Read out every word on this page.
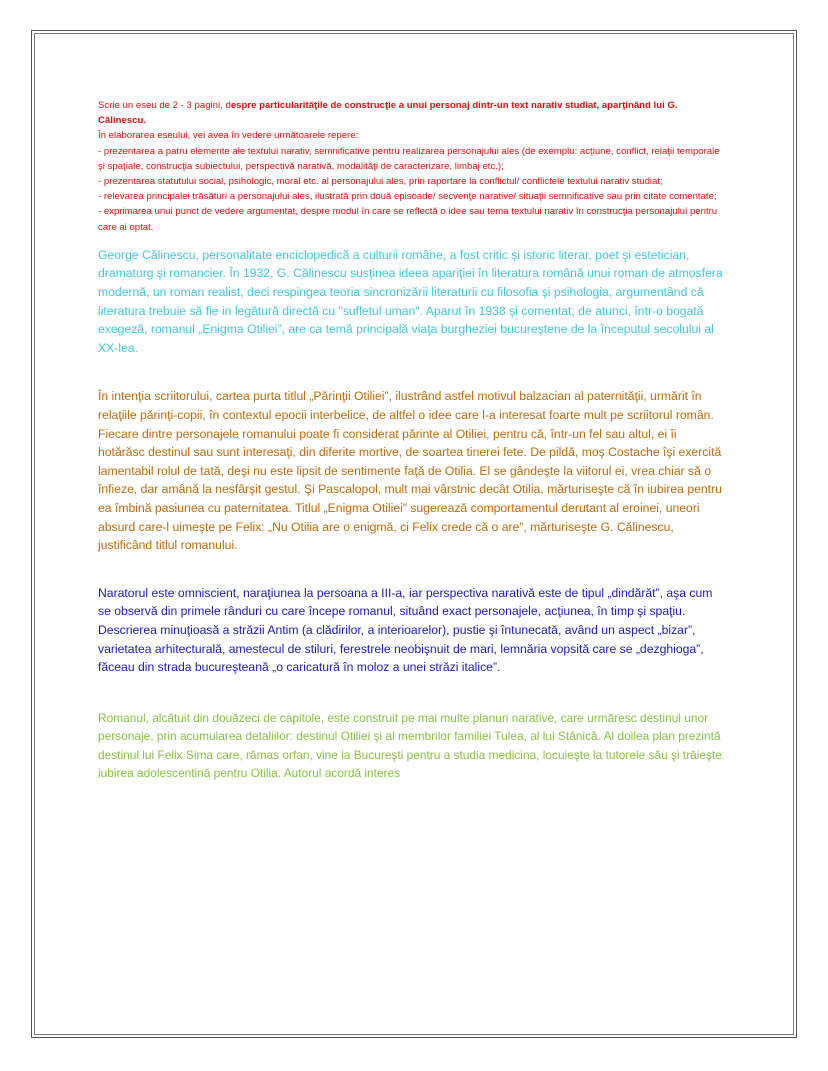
Scrie un eseu de 2 - 3 pagini, despre particularităţile de construcţie a unui personaj dintr-un text narativ studiat, aparţinând lui G. Călinescu.

În elaborarea eseului, vei avea în vedere următoarele repere:

- prezentarea a patru elemente ale textului narativ, semnificative pentru realizarea personajului ales (de exemplu: acţiune, conflict, relaţii temporale şi spaţiale, construcţia subiectului, perspectivă narativă, modalităţi de caracterizare, limbaj etc.);

- prezentarea statutului social, psihologic, moral etc. al personajului ales, prin raportare la conflictul/ conflictele textului narativ studiat;

- relevarea principalei trăsături a personajului ales, ilustrată prin două episoade/ secvenţe narative/ situaţii semnificative sau prin citate comentate;

- exprimarea unui punct de vedere argumentat, despre modul în care se reflectă o idee sau tema textului narativ în construcţia personajului pentru care ai optat.

George Călinescu, personalitate enciclopedică a culturii române, a fost critic şi istoric literar, poet şi estetician, dramaturg şi romancier. În 1932, G. Călinescu susţinea ideea apariţiei în literatura română unui roman de atmosfera modernă, un roman realist, deci respingea teoria sincronizării literaturii cu filosofia şi psihologia, argumentând că literatura trebuie să fie in legătură directă cu "sufletul uman". Aparut în 1938 şi comentat, de atunci, într-o bogată exegeză, romanul „Enigma Otiliei”, are ca temă principală viaţa burgheziei bucureştene de la începutul secolului al XX-lea.

În intenţia scriitorului, cartea purta titlul „Părinţii Otiliei”, ilustrând astfel motivul balzacian al paternităţii, urmărit în relaţiile părinţi-copii, în contextul epocii interbelice, de altfel o idee care l-a interesat foarte mult pe scriitorul român. Fiecare dintre personajele romanului poate fi considerat părinte al Otiliei, pentru că, într-un fel sau altul, ei îi hotărăsc destinul sau sunt interesaţi, din diferite mortive, de soartea tinerei fete. De pildă, moş Costache îşi exercită lamentabil rolul de tată, deşi nu este lipsit de sentimente faţă de Otilia. El se gândeşte la viitorul ei, vrea chiar să o înfieze, dar amână la nesfârşit gestul. Şi Pascalopol, mult mai vârstnic decât Otilia, mărturiseşte că în iubirea pentru ea îmbină pasiunea cu paternitatea. Titlul „Enigma Otiliei” sugerează comportamentul derutant al eroinei, uneori absurd care-l uimeşte pe Felix: „Nu Otilia are o enigmă, ci Felix crede că o are”, mărturiseşte G. Călinescu, justificând titlul romanului.

Naratorul este omniscient, naraţiunea la persoana a III-a, iar perspectiva narativă este de tipul „dindărăt”, aşa cum se observă din primele rânduri cu care începe romanul, situând exact personajele, acţiunea, în timp şi spaţiu. Descrierea minuţioasă a străzii Antim (a clădirilor, a interioarelor), pustie şi întunecată, având un aspect „bizar”, varietatea arhitecturală, amestecul de stiluri, ferestrele neobişnuit de mari, lemnăria vopsită care se „dezghioga”, făceau din strada bucureşteană „o caricatură în moloz a unei străzi italice”.

Romanul, alcătuit din douăzeci de capitole, este construit pe mai multe planuri narative, care urmăresc destinul unor personaje, prin acumularea detaliilor: destinul Otiliei şi al membrilor familiei Tulea, al lui Stănică. Al doilea plan prezintă destinul lui Felix Sima care, rămas orfan, vine la Bucureşti pentru a studia medicina, locuieşte la tutorele său şi trăieşte iubirea adolescentină pentru Otilia. Autorul acordă interes
